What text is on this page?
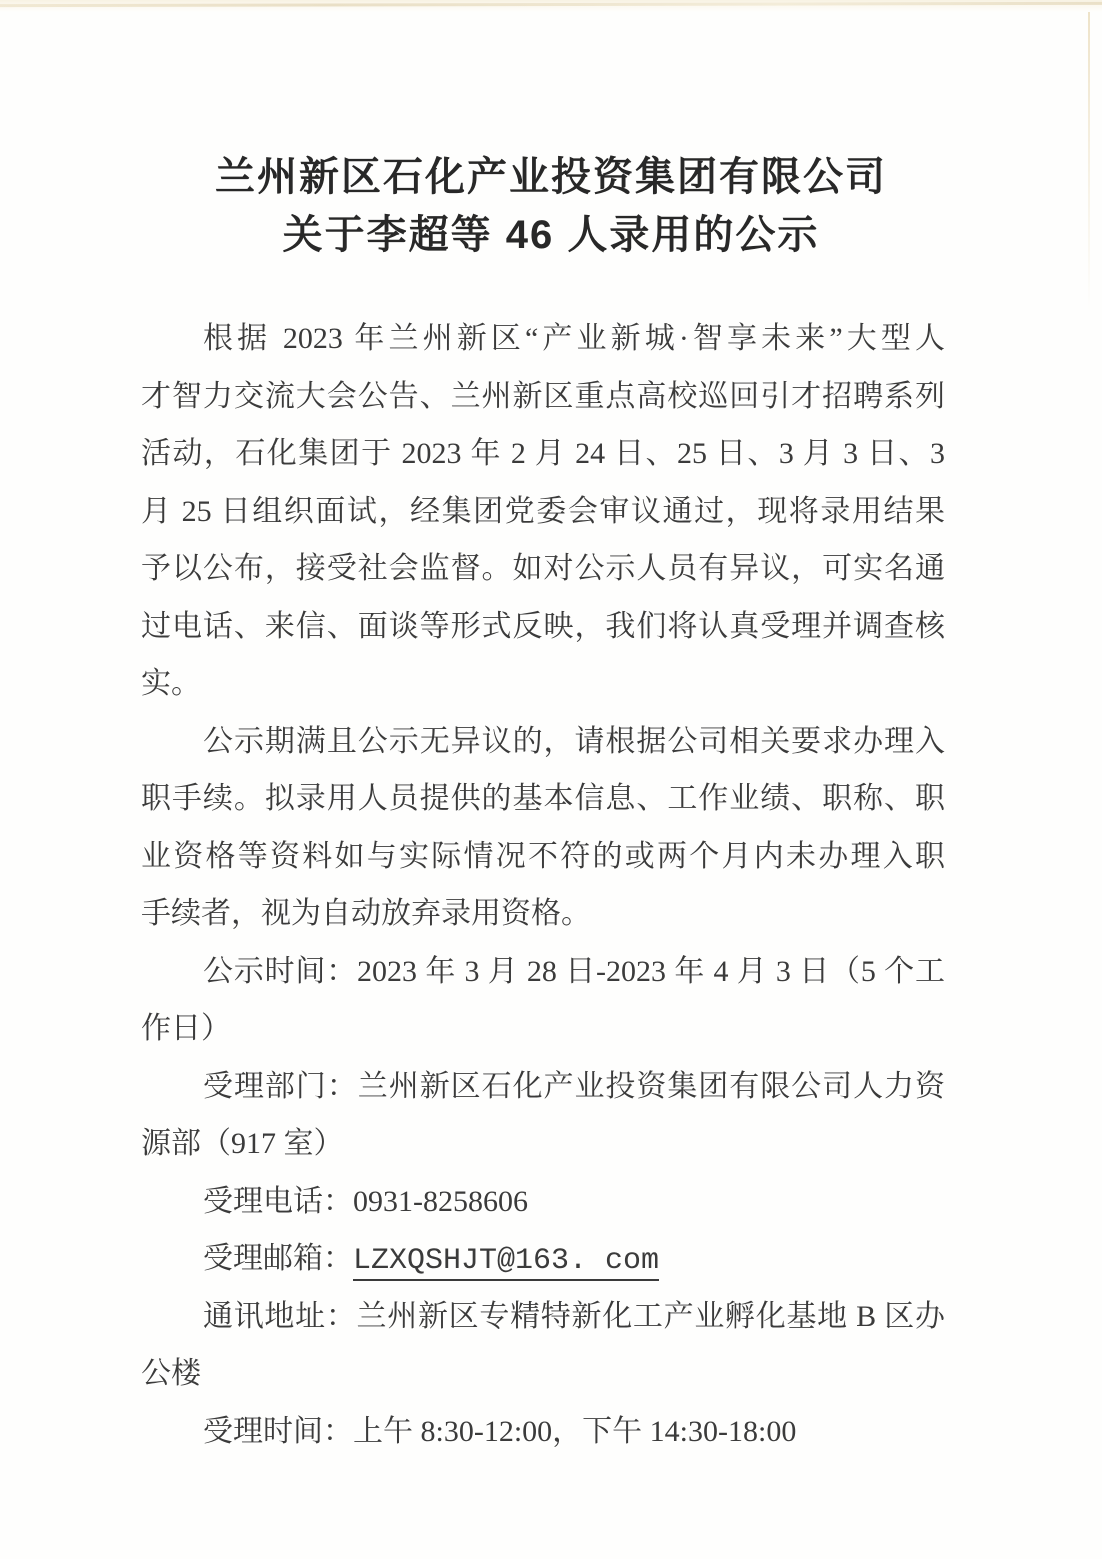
兰州新区石化产业投资集团有限公司
关于李超等 46 人录用的公示
根据 2023 年兰州新区“产业新城·智享未来”大型人
才智力交流大会公告、兰州新区重点高校巡回引才招聘系列
活动，石化集团于 2023 年 2 月 24 日、25 日、3 月 3 日、3
月 25 日组织面试，经集团党委会审议通过，现将录用结果
予以公布，接受社会监督。如对公示人员有异议，可实名通
过电话、来信、面谈等形式反映，我们将认真受理并调查核
实。
公示期满且公示无异议的，请根据公司相关要求办理入
职手续。拟录用人员提供的基本信息、工作业绩、职称、职
业资格等资料如与实际情况不符的或两个月内未办理入职
手续者，视为自动放弃录用资格。
公示时间：2023 年 3 月 28 日-2023 年 4 月 3 日（5 个工
作日）
受理部门：兰州新区石化产业投资集团有限公司人力资
源部（917 室）
受理电话：0931-8258606
受理邮箱：LZXQSHJT@163. com
通讯地址：兰州新区专精特新化工产业孵化基地 B 区办
公楼
受理时间：上午 8:30-12:00，下午 14:30-18:00
